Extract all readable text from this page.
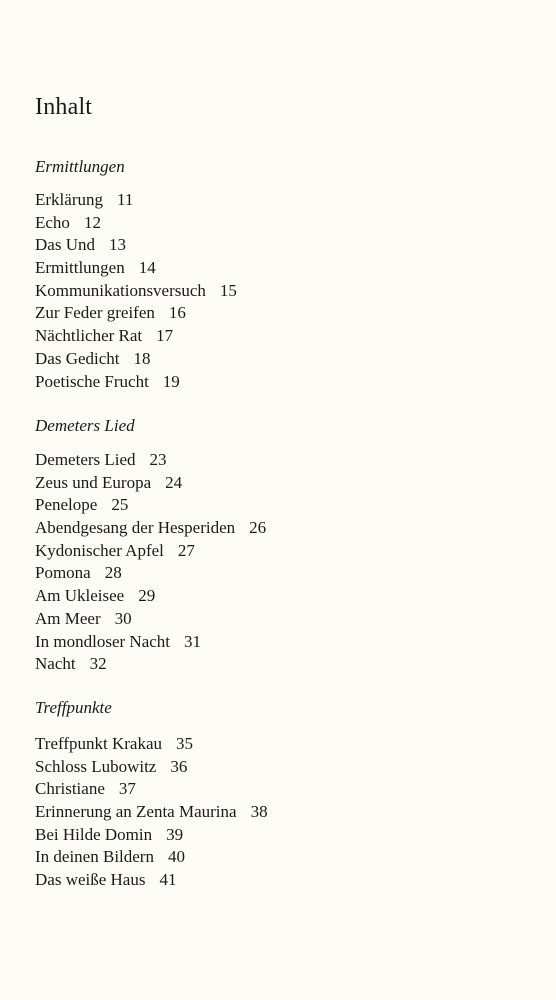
Inhalt
Ermittlungen
Erklärung 11
Echo 12
Das Und 13
Ermittlungen 14
Kommunikationsversuch 15
Zur Feder greifen 16
Nächtlicher Rat 17
Das Gedicht 18
Poetische Frucht 19
Demeters Lied
Demeters Lied 23
Zeus und Europa 24
Penelope 25
Abendgesang der Hesperiden 26
Kydonischer Apfel 27
Pomona 28
Am Ukleisee 29
Am Meer 30
In mondloser Nacht 31
Nacht 32
Treffpunkte
Treffpunkt Krakau 35
Schloss Lubowitz 36
Christiane 37
Erinnerung an Zenta Maurina 38
Bei Hilde Domin 39
In deinen Bildern 40
Das weiße Haus 41
